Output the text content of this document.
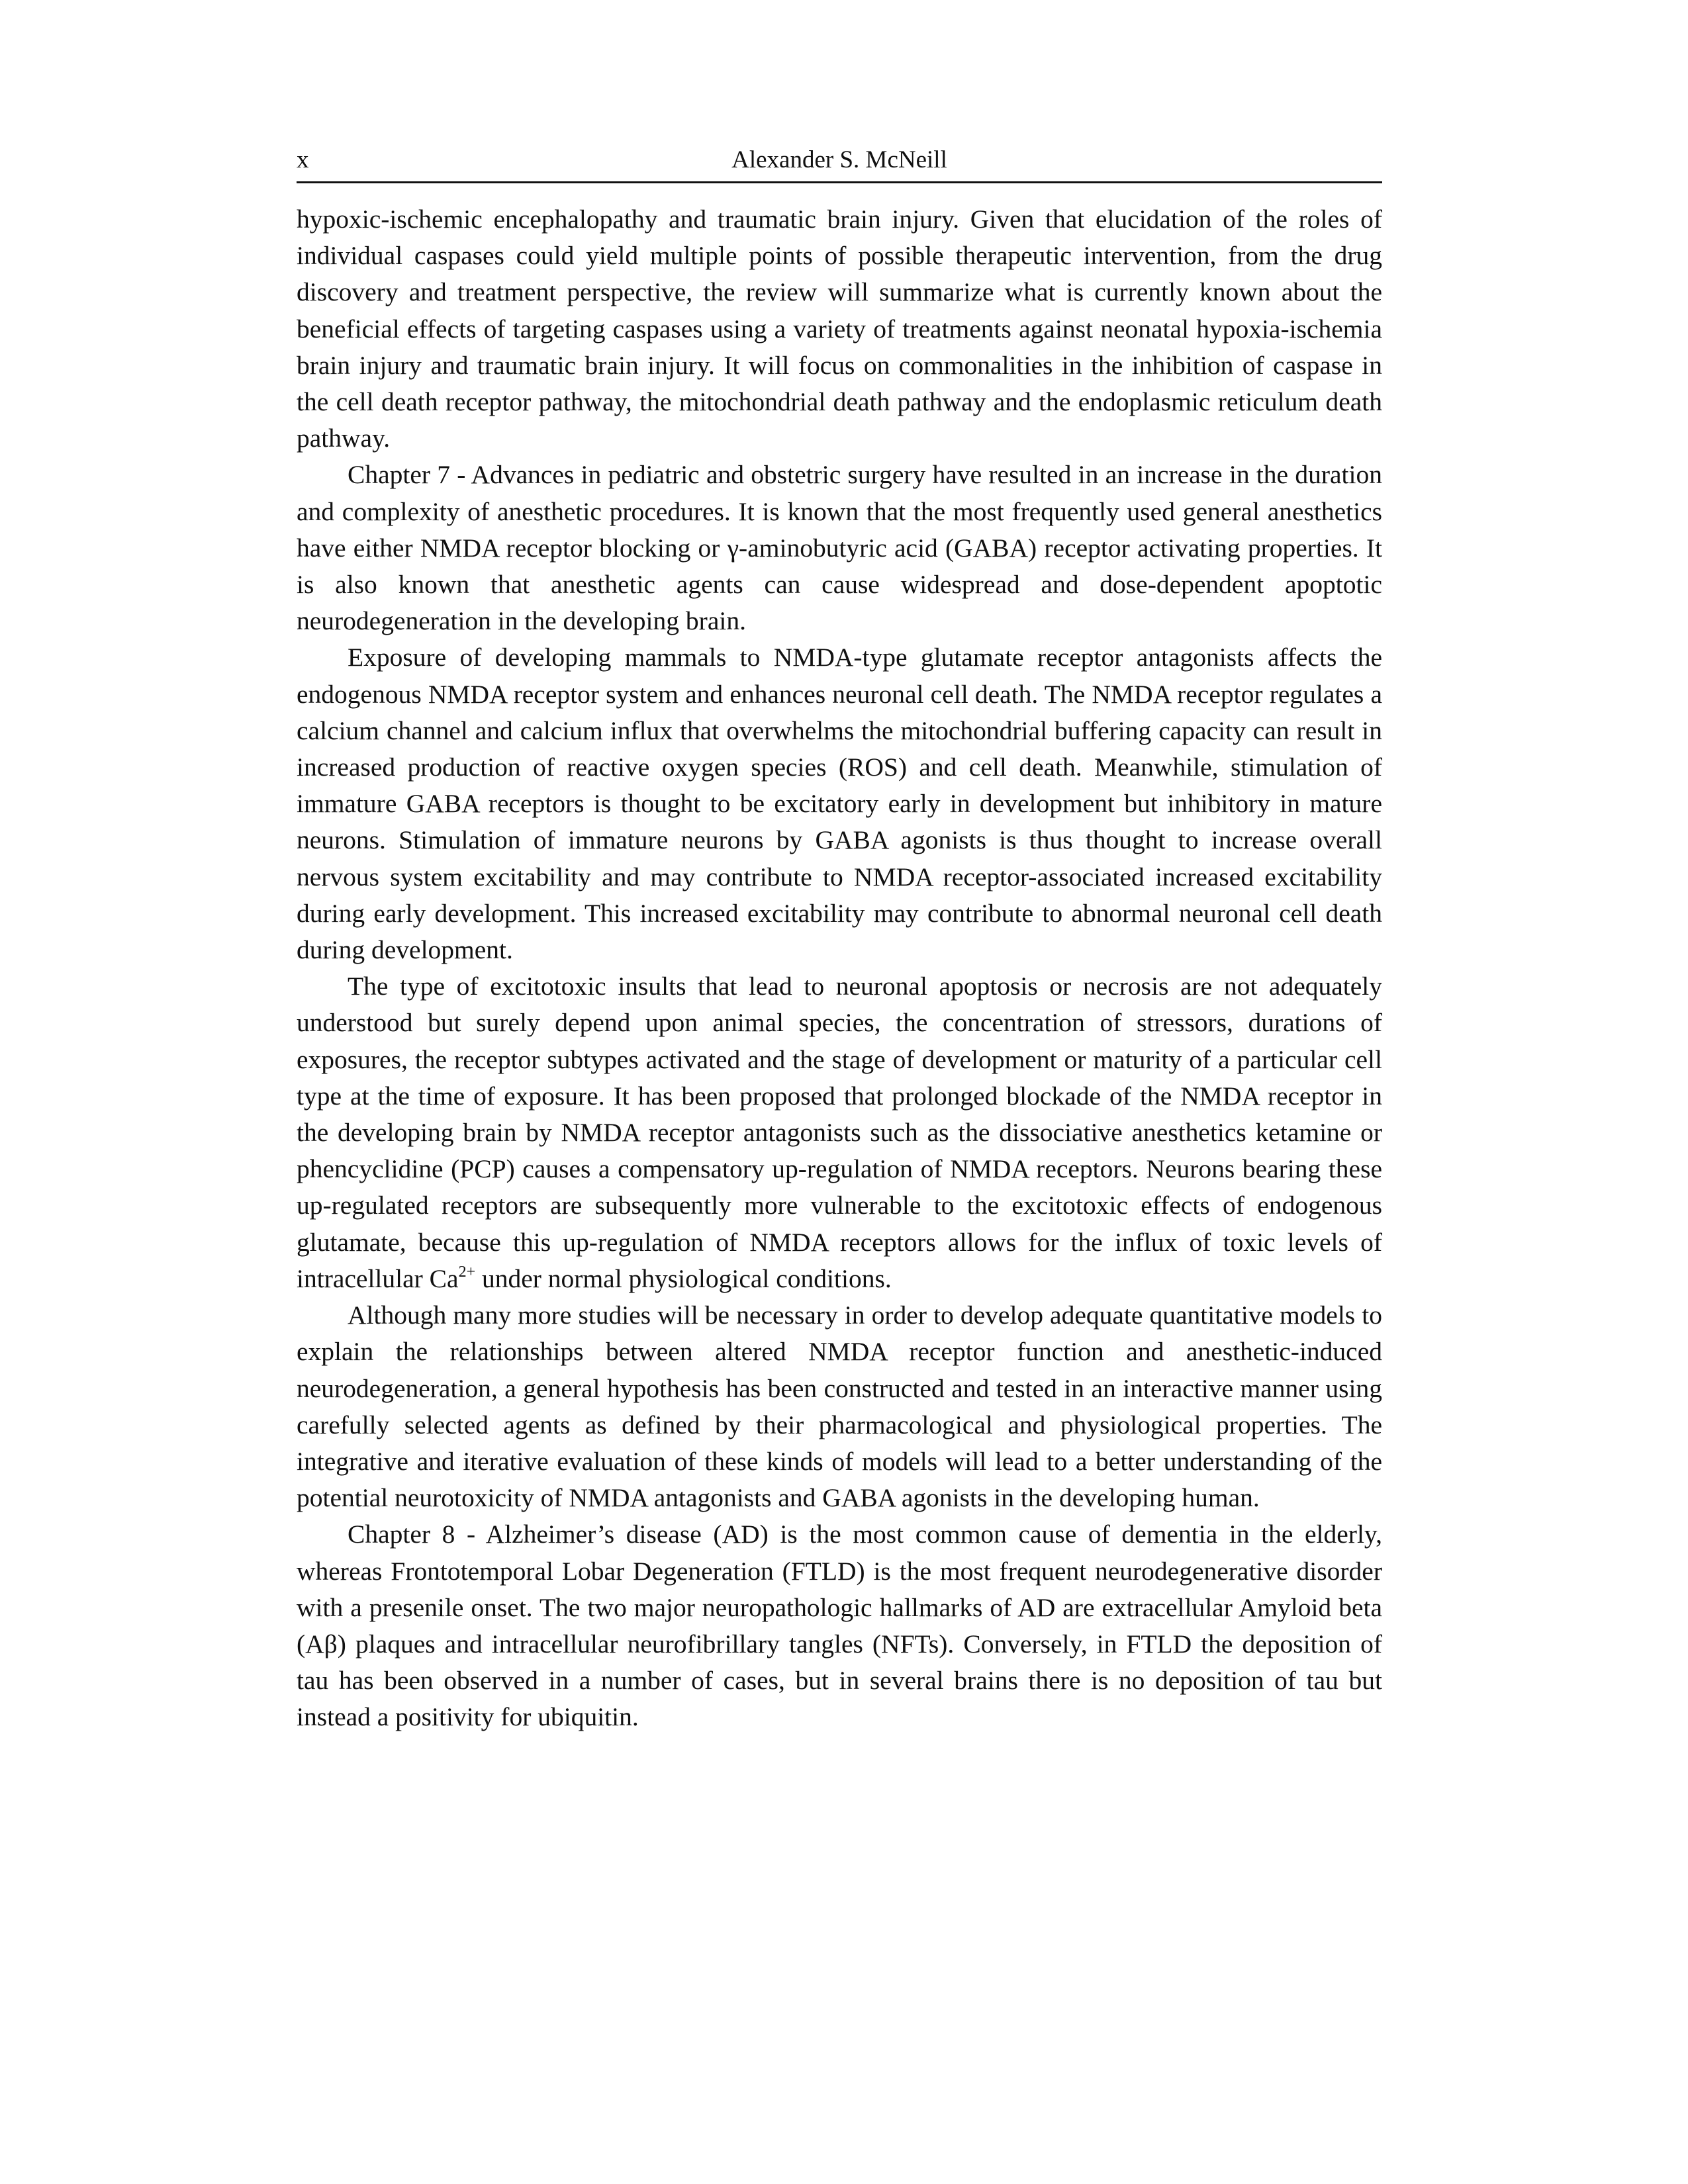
x	Alexander S. McNeill

hypoxic-ischemic encephalopathy and traumatic brain injury. Given that elucidation of the roles of individual caspases could yield multiple points of possible therapeutic intervention, from the drug discovery and treatment perspective, the review will summarize what is currently known about the beneficial effects of targeting caspases using a variety of treatments against neonatal hypoxia-ischemia brain injury and traumatic brain injury. It will focus on commonalities in the inhibition of caspase in the cell death receptor pathway, the mitochondrial death pathway and the endoplasmic reticulum death pathway.

Chapter 7 - Advances in pediatric and obstetric surgery have resulted in an increase in the duration and complexity of anesthetic procedures. It is known that the most frequently used general anesthetics have either NMDA receptor blocking or γ-aminobutyric acid (GABA) receptor activating properties. It is also known that anesthetic agents can cause widespread and dose-dependent apoptotic neurodegeneration in the developing brain.

Exposure of developing mammals to NMDA-type glutamate receptor antagonists affects the endogenous NMDA receptor system and enhances neuronal cell death. The NMDA receptor regulates a calcium channel and calcium influx that overwhelms the mitochondrial buffering capacity can result in increased production of reactive oxygen species (ROS) and cell death. Meanwhile, stimulation of immature GABA receptors is thought to be excitatory early in development but inhibitory in mature neurons. Stimulation of immature neurons by GABA agonists is thus thought to increase overall nervous system excitability and may contribute to NMDA receptor-associated increased excitability during early development. This increased excitability may contribute to abnormal neuronal cell death during development.

The type of excitotoxic insults that lead to neuronal apoptosis or necrosis are not adequately understood but surely depend upon animal species, the concentration of stressors, durations of exposures, the receptor subtypes activated and the stage of development or maturity of a particular cell type at the time of exposure. It has been proposed that prolonged blockade of the NMDA receptor in the developing brain by NMDA receptor antagonists such as the dissociative anesthetics ketamine or phencyclidine (PCP) causes a compensatory up-regulation of NMDA receptors. Neurons bearing these up-regulated receptors are subsequently more vulnerable to the excitotoxic effects of endogenous glutamate, because this up-regulation of NMDA receptors allows for the influx of toxic levels of intracellular $Ca^{2+}$ under normal physiological conditions.

Although many more studies will be necessary in order to develop adequate quantitative models to explain the relationships between altered NMDA receptor function and anesthetic-induced neurodegeneration, a general hypothesis has been constructed and tested in an interactive manner using carefully selected agents as defined by their pharmacological and physiological properties. The integrative and iterative evaluation of these kinds of models will lead to a better understanding of the potential neurotoxicity of NMDA antagonists and GABA agonists in the developing human.

Chapter 8 - Alzheimer’s disease (AD) is the most common cause of dementia in the elderly, whereas Frontotemporal Lobar Degeneration (FTLD) is the most frequent neurodegenerative disorder with a presenile onset. The two major neuropathologic hallmarks of AD are extracellular Amyloid beta (Aβ) plaques and intracellular neurofibrillary tangles (NFTs). Conversely, in FTLD the deposition of tau has been observed in a number of cases, but in several brains there is no deposition of tau but instead a positivity for ubiquitin.
